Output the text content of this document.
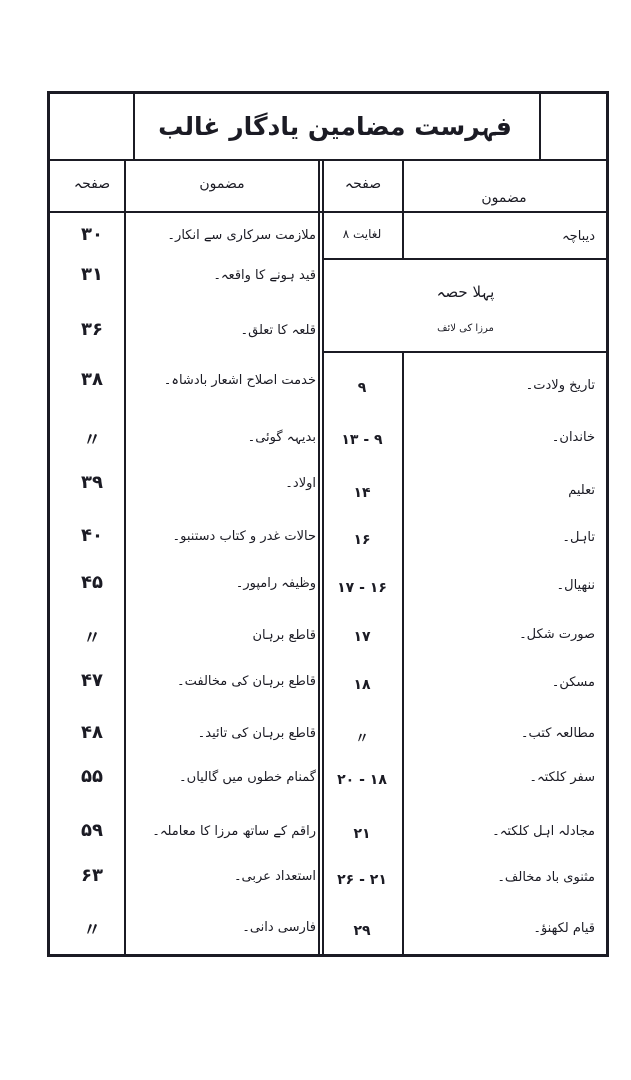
فہرست مضامین یادگار غالب
صفحہ	مضمون	صفحہ
مضمون
دیباچہ
لغایت ۸
پہلا حصہ
مرزا کی لائف
ملازمت سرکاری سے انکار۔
۳۰
قید ہونے کا واقعہ۔
۳۱
قلعہ کا تعلق۔
۳۶
خدمت اصلاح اشعار بادشاہ۔
۳۸
بدیہہ گوئی۔
〃
اولاد۔
۳۹
حالات غدر و کتاب دستنبو۔
۴۰
وظیفہ رامپور۔
۴۵
قاطع برہان
〃
قاطع برہان کی مخالفت۔
۴۷
قاطع برہان کی تائید۔
۴۸
گمنام خطوں میں گالیاں۔
۵۵
راقم کے ساتھ مرزا کا معاملہ۔
۵۹
استعداد عربی۔
۶۳
فارسی دانی۔
〃
تاریخ ولادت۔
۹
خاندان۔
۹ - ۱۳
تعلیم
۱۴
تاہل۔
۱۶
ننھیال۔
۱۶ - ۱۷
صورت شکل۔
۱۷
مسکن۔
۱۸
مطالعہ کتب۔
〃
سفر کلکتہ۔
۱۸ - ۲۰
مجادلہ اہل کلکتہ۔
۲۱
مثنوی باد مخالف۔
۲۱ - ۲۶
قیام لکھنؤ۔
۲۹
